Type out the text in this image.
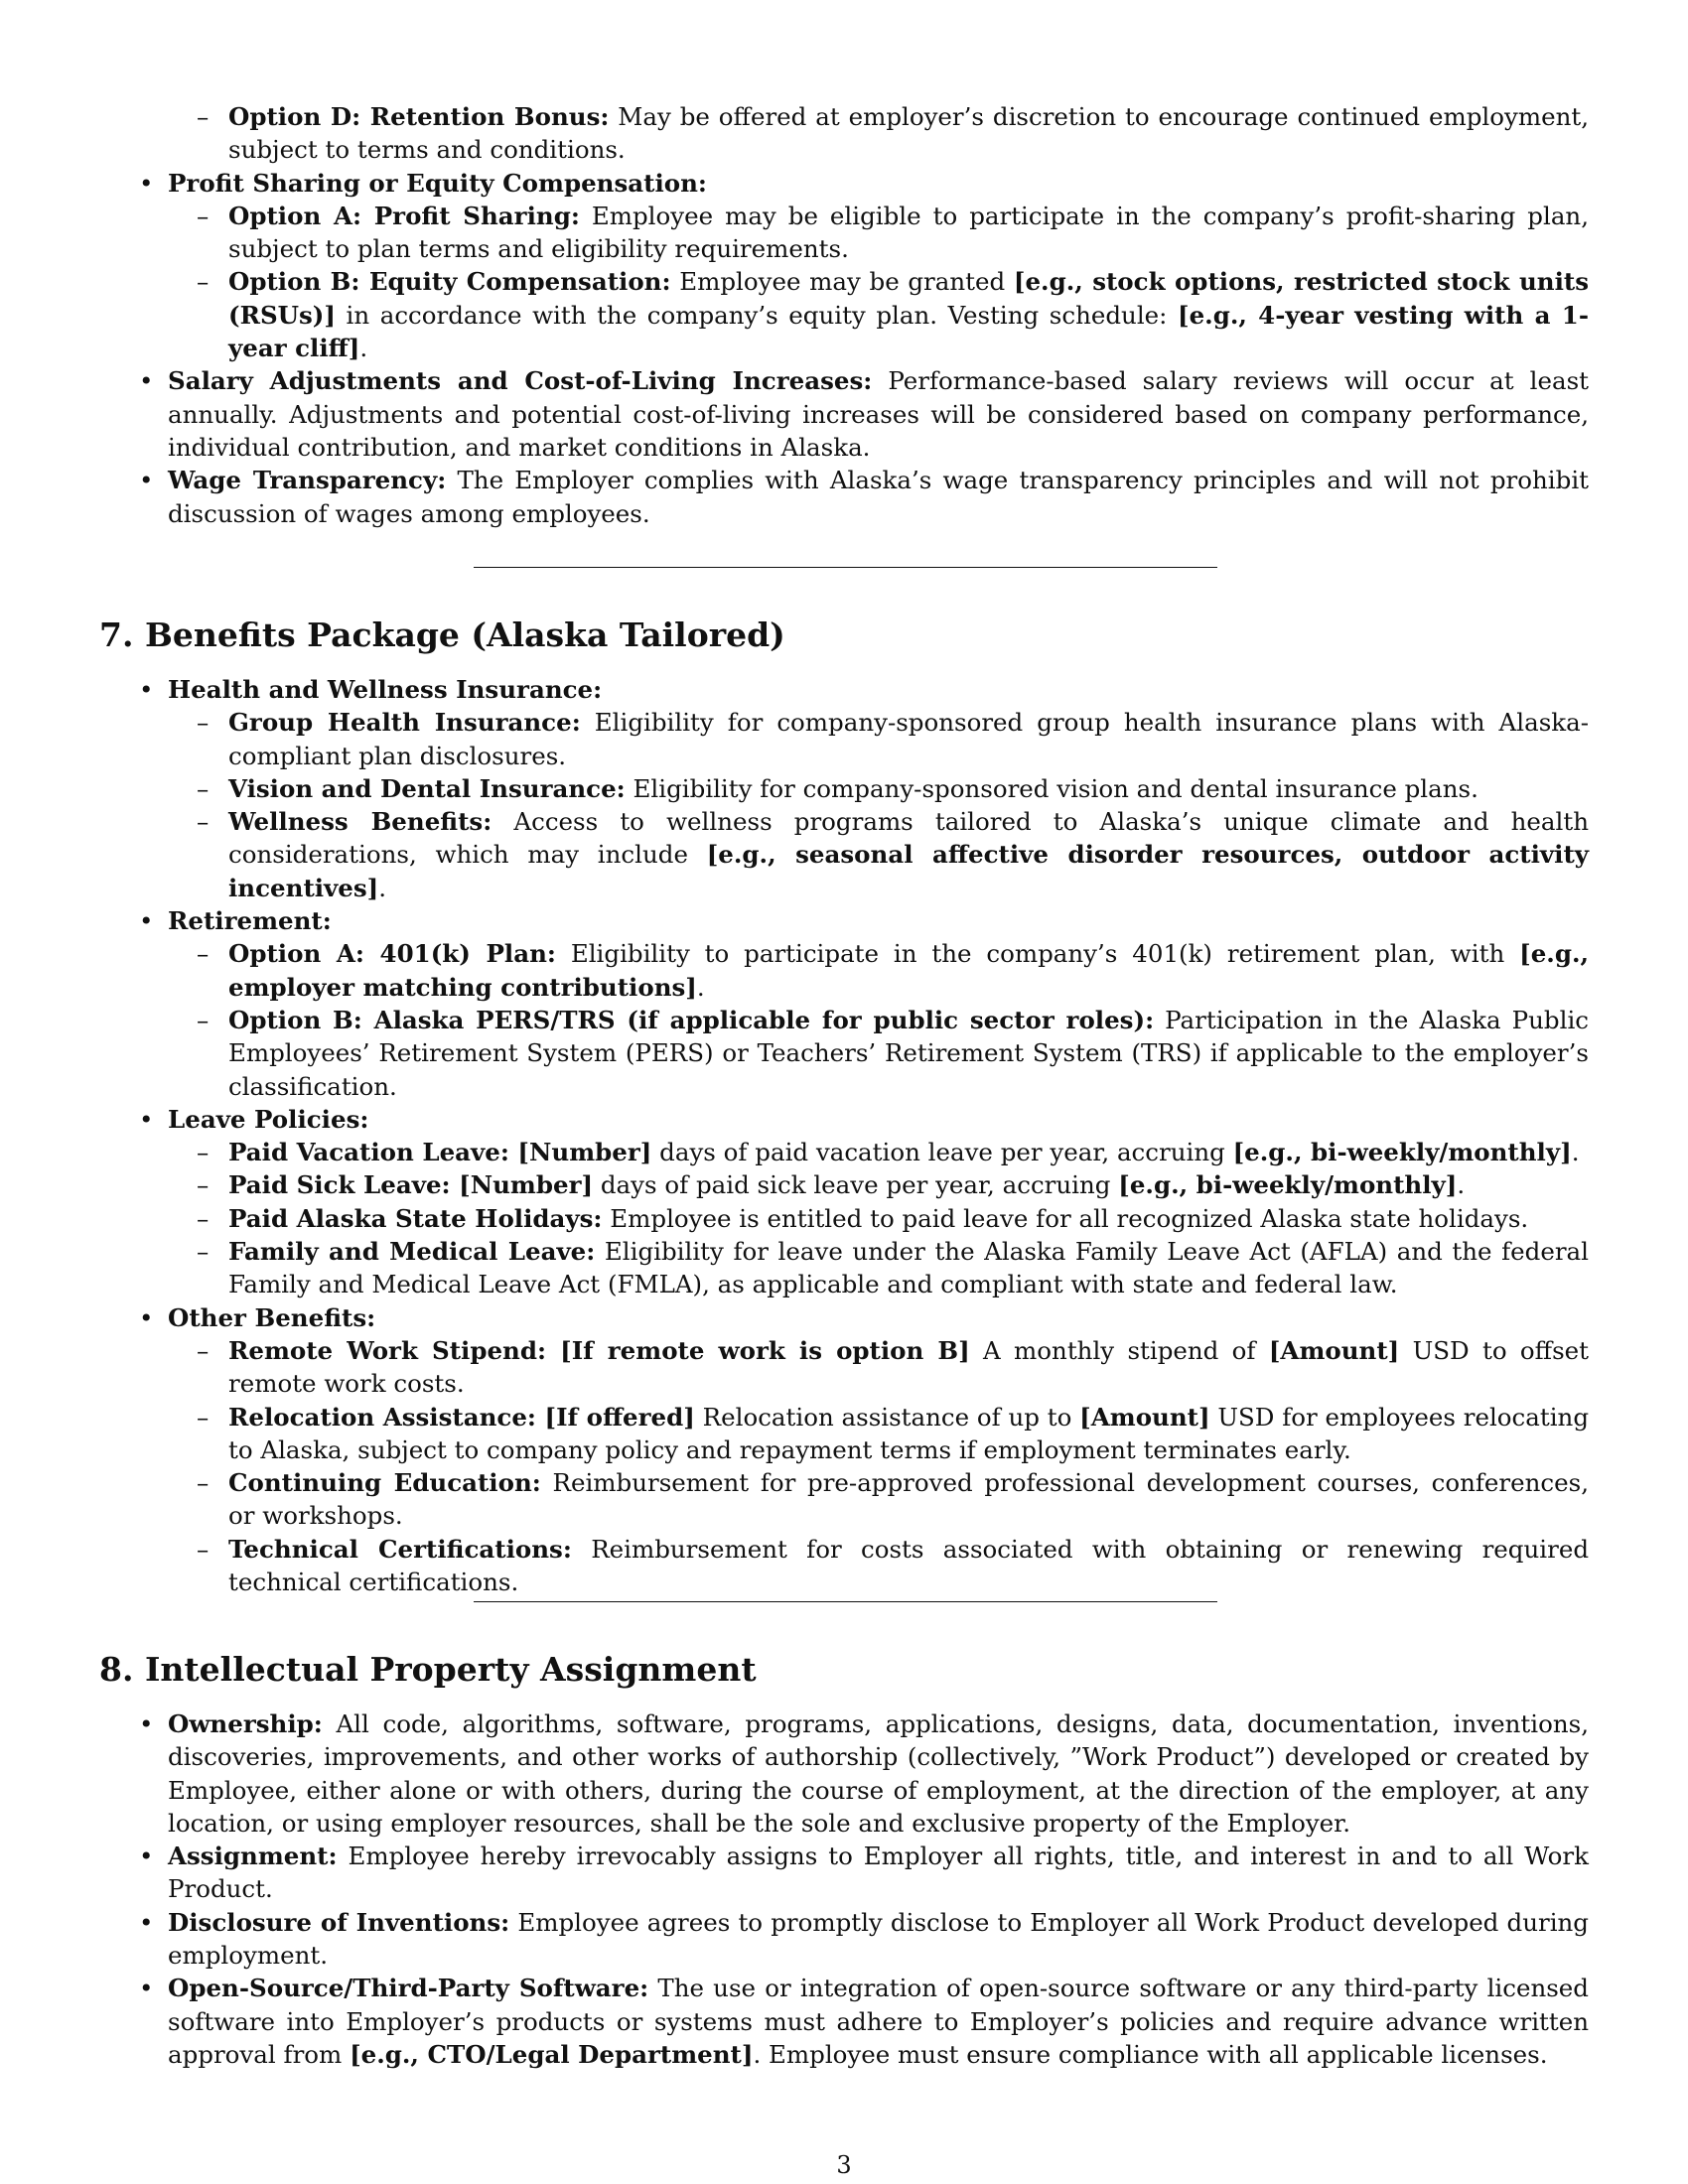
– Option D: Retention Bonus: May be offered at employer’s discretion to encourage continued employment, subject to terms and conditions.
• Profit Sharing or Equity Compensation:
– Option A: Profit Sharing: Employee may be eligible to participate in the company’s profit-sharing plan, subject to plan terms and eligibility requirements.
– Option B: Equity Compensation: Employee may be granted [e.g., stock options, restricted stock units (RSUs)] in accordance with the company’s equity plan. Vesting schedule: [e.g., 4-year vesting with a 1-year cliff].
• Salary Adjustments and Cost-of-Living Increases: Performance-based salary reviews will occur at least annually. Adjustments and potential cost-of-living increases will be considered based on company performance, individual contribution, and market conditions in Alaska.
• Wage Transparency: The Employer complies with Alaska’s wage transparency principles and will not prohibit discussion of wages among employees.
7. Benefits Package (Alaska Tailored)
• Health and Wellness Insurance:
– Group Health Insurance: Eligibility for company-sponsored group health insurance plans with Alaska-compliant plan disclosures.
– Vision and Dental Insurance: Eligibility for company-sponsored vision and dental insurance plans.
– Wellness Benefits: Access to wellness programs tailored to Alaska’s unique climate and health considerations, which may include [e.g., seasonal affective disorder resources, outdoor activity incentives].
• Retirement:
– Option A: 401(k) Plan: Eligibility to participate in the company’s 401(k) retirement plan, with [e.g., employer matching contributions].
– Option B: Alaska PERS/TRS (if applicable for public sector roles): Participation in the Alaska Public Employees’ Retirement System (PERS) or Teachers’ Retirement System (TRS) if applicable to the employer’s classification.
• Leave Policies:
– Paid Vacation Leave: [Number] days of paid vacation leave per year, accruing [e.g., bi-weekly/monthly].
– Paid Sick Leave: [Number] days of paid sick leave per year, accruing [e.g., bi-weekly/monthly].
– Paid Alaska State Holidays: Employee is entitled to paid leave for all recognized Alaska state holidays.
– Family and Medical Leave: Eligibility for leave under the Alaska Family Leave Act (AFLA) and the federal Family and Medical Leave Act (FMLA), as applicable and compliant with state and federal law.
• Other Benefits:
– Remote Work Stipend: [If remote work is option B] A monthly stipend of [Amount] USD to offset remote work costs.
– Relocation Assistance: [If offered] Relocation assistance of up to [Amount] USD for employees relocating to Alaska, subject to company policy and repayment terms if employment terminates early.
– Continuing Education: Reimbursement for pre-approved professional development courses, conferences, or workshops.
– Technical Certifications: Reimbursement for costs associated with obtaining or renewing required technical certifications.
8. Intellectual Property Assignment
• Ownership: All code, algorithms, software, programs, applications, designs, data, documentation, inventions, discoveries, improvements, and other works of authorship (collectively, ”Work Product”) developed or created by Employee, either alone or with others, during the course of employment, at the direction of the employer, at any location, or using employer resources, shall be the sole and exclusive property of the Employer.
• Assignment: Employee hereby irrevocably assigns to Employer all rights, title, and interest in and to all Work Product.
• Disclosure of Inventions: Employee agrees to promptly disclose to Employer all Work Product developed during employment.
• Open-Source/Third-Party Software: The use or integration of open-source software or any third-party licensed software into Employer’s products or systems must adhere to Employer’s policies and require advance written approval from [e.g., CTO/Legal Department]. Employee must ensure compliance with all applicable licenses.
3
